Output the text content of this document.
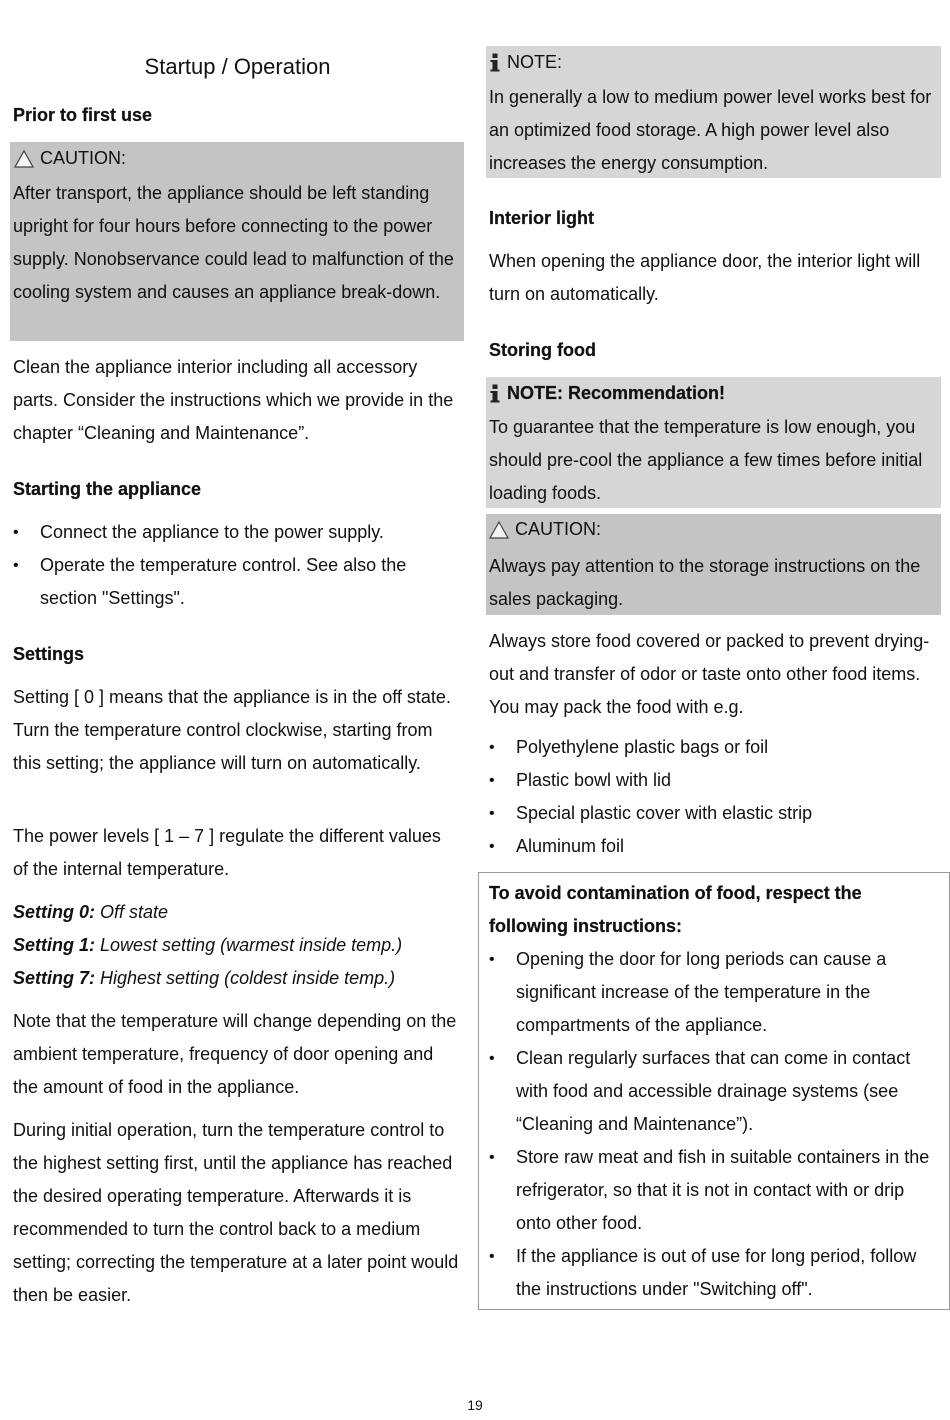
Startup / Operation
Prior to first use
CAUTION:
After transport, the appliance should be left standing upright for four hours before connecting to the power supply. Nonobservance could lead to malfunction of the cooling system and causes an appliance break-down.
Clean the appliance interior including all accessory parts. Consider the instructions which we provide in the chapter “Cleaning and Maintenance”.
Starting the appliance
• Connect the appliance to the power supply.
• Operate the temperature control. See also the section "Settings".
Settings
Setting [ 0 ] means that the appliance is in the off state. Turn the temperature control clockwise, starting from this setting; the appliance will turn on automatically.
The power levels [ 1 – 7 ] regulate the different values of the internal temperature.
Setting 0: Off state
Setting 1: Lowest setting (warmest inside temp.)
Setting 7: Highest setting (coldest inside temp.)
Note that the temperature will change depending on the ambient temperature, frequency of door opening and the amount of food in the appliance.
During initial operation, turn the temperature control to the highest setting first, until the appliance has reached the desired operating temperature. Afterwards it is recommended to turn the control back to a medium setting; correcting the temperature at a later point would then be easier.
NOTE:
In generally a low to medium power level works best for an optimized food storage. A high power level also increases the energy consumption.
Interior light
When opening the appliance door, the interior light will turn on automatically.
Storing food
NOTE: Recommendation!
To guarantee that the temperature is low enough, you should pre-cool the appliance a few times before initial loading foods.
CAUTION:
Always pay attention to the storage instructions on the sales packaging.
Always store food covered or packed to prevent drying-out and transfer of odor or taste onto other food items. You may pack the food with e.g.
• Polyethylene plastic bags or foil
• Plastic bowl with lid
• Special plastic cover with elastic strip
• Aluminum foil
To avoid contamination of food, respect the following instructions:
• Opening the door for long periods can cause a significant increase of the temperature in the compartments of the appliance.
• Clean regularly surfaces that can come in contact with food and accessible drainage systems (see “Cleaning and Maintenance”).
• Store raw meat and fish in suitable containers in the refrigerator, so that it is not in contact with or drip onto other food.
• If the appliance is out of use for long period, follow the instructions under "Switching off".
19
